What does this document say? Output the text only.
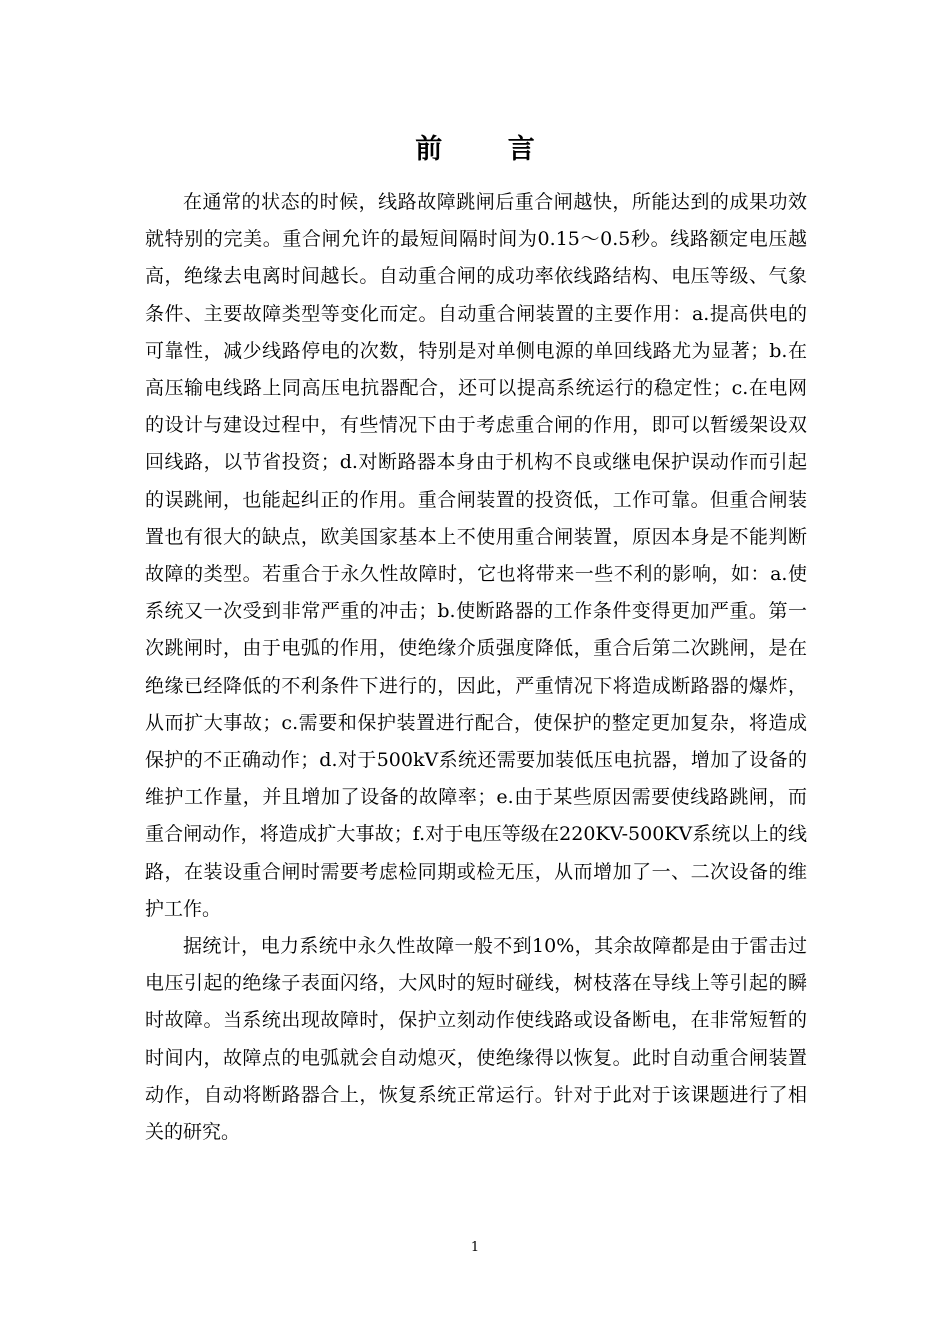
前 言

在通常的状态的时候，线路故障跳闸后重合闸越快，所能达到的成果功效就特别的完美。重合闸允许的最短间隔时间为0.15～0.5秒。线路额定电压越高，绝缘去电离时间越长。自动重合闸的成功率依线路结构、电压等级、气象条件、主要故障类型等变化而定。自动重合闸装置的主要作用：a.提高供电的可靠性，减少线路停电的次数，特别是对单侧电源的单回线路尤为显著；b.在高压输电线路上同高压电抗器配合，还可以提高系统运行的稳定性；c.在电网的设计与建设过程中，有些情况下由于考虑重合闸的作用，即可以暂缓架设双回线路，以节省投资；d.对断路器本身由于机构不良或继电保护误动作而引起的误跳闸，也能起纠正的作用。重合闸装置的投资低，工作可靠。但重合闸装置也有很大的缺点，欧美国家基本上不使用重合闸装置，原因本身是不能判断故障的类型。若重合于永久性故障时，它也将带来一些不利的影响，如：a.使系统又一次受到非常严重的冲击；b.使断路器的工作条件变得更加严重。第一次跳闸时，由于电弧的作用，使绝缘介质强度降低，重合后第二次跳闸，是在绝缘已经降低的不利条件下进行的，因此，严重情况下将造成断路器的爆炸，从而扩大事故；c.需要和保护装置进行配合，使保护的整定更加复杂，将造成保护的不正确动作；d.对于500kV系统还需要加装低压电抗器，增加了设备的维护工作量，并且增加了设备的故障率；e.由于某些原因需要使线路跳闸，而重合闸动作，将造成扩大事故；f.对于电压等级在220KV-500KV系统以上的线路，在装设重合闸时需要考虑检同期或检无压，从而增加了一、二次设备的维护工作。

据统计，电力系统中永久性故障一般不到10%，其余故障都是由于雷击过电压引起的绝缘子表面闪络，大风时的短时碰线，树枝落在导线上等引起的瞬时故障。当系统出现故障时，保护立刻动作使线路或设备断电，在非常短暂的时间内，故障点的电弧就会自动熄灭，使绝缘得以恢复。此时自动重合闸装置动作，自动将断路器合上，恢复系统正常运行。针对于此对于该课题进行了相关的研究。

1
